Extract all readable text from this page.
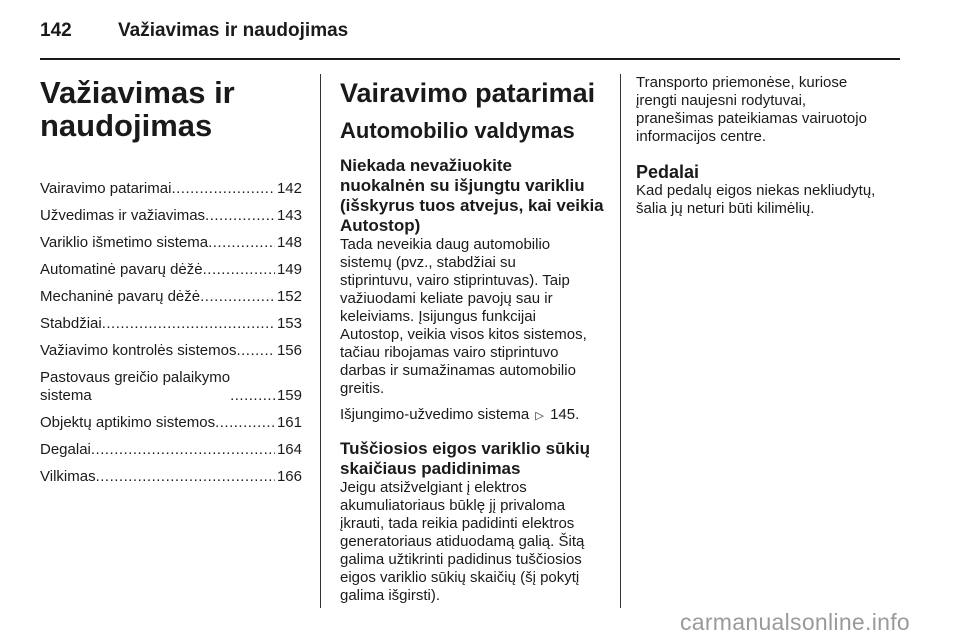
142 Važiavimas ir naudojimas
Važiavimas ir
naudojimas
Vairavimo patarimai .....	142
Užvedimas ir važiavimas .....	143
Variklio išmetimo sistema .....	148
Automatinė pavarų dėžė .....	149
Mechaninė pavarų dėžė .....	152
Stabdžiai .....	153
Važiavimo kontrolės sistemos .....	156
Pastovaus greičio palaikymo
sistema .....	159
Objektų aptikimo sistemos .....	161
Degalai .....	164
Vilkimas .....	166
Vairavimo patarimai
Automobilio valdymas
Niekada nevažiuokite
nuokalnėn su išjungtu varikliu
(išskyrus tuos atvejus, kai veikia
Autostop)
Tada neveikia daug automobilio
sistemų (pvz., stabdžiai su
stiprintuvu, vairo stiprintuvas). Taip
važiuodami keliate pavojų sau ir
keleiviams. Įsijungus funkcijai
Autostop, veikia visos kitos sistemos,
tačiau ribojamas vairo stiprintuvo
darbas ir sumažinamas automobilio
greitis.
Išjungimo-užvedimo sistema ▷ 145.
Tuščiosios eigos variklio sūkių
skaičiaus padidinimas
Jeigu atsižvelgiant į elektros
akumuliatoriaus būklę jį privaloma
įkrauti, tada reikia padidinti elektros
generatoriaus atiduodamą galią. Šitą
galima užtikrinti padidinus tuščiosios
eigos variklio sūkių skaičių (šį pokytį
galima išgirsti).
Transporto priemonėse, kuriose
įrengti naujesni rodytuvai,
pranešimas pateikiamas vairuotojo
informacijos centre.
Pedalai
Kad pedalų eigos niekas nekliudytų,
šalia jų neturi būti kilimėlių.
carmanualsonline.info
